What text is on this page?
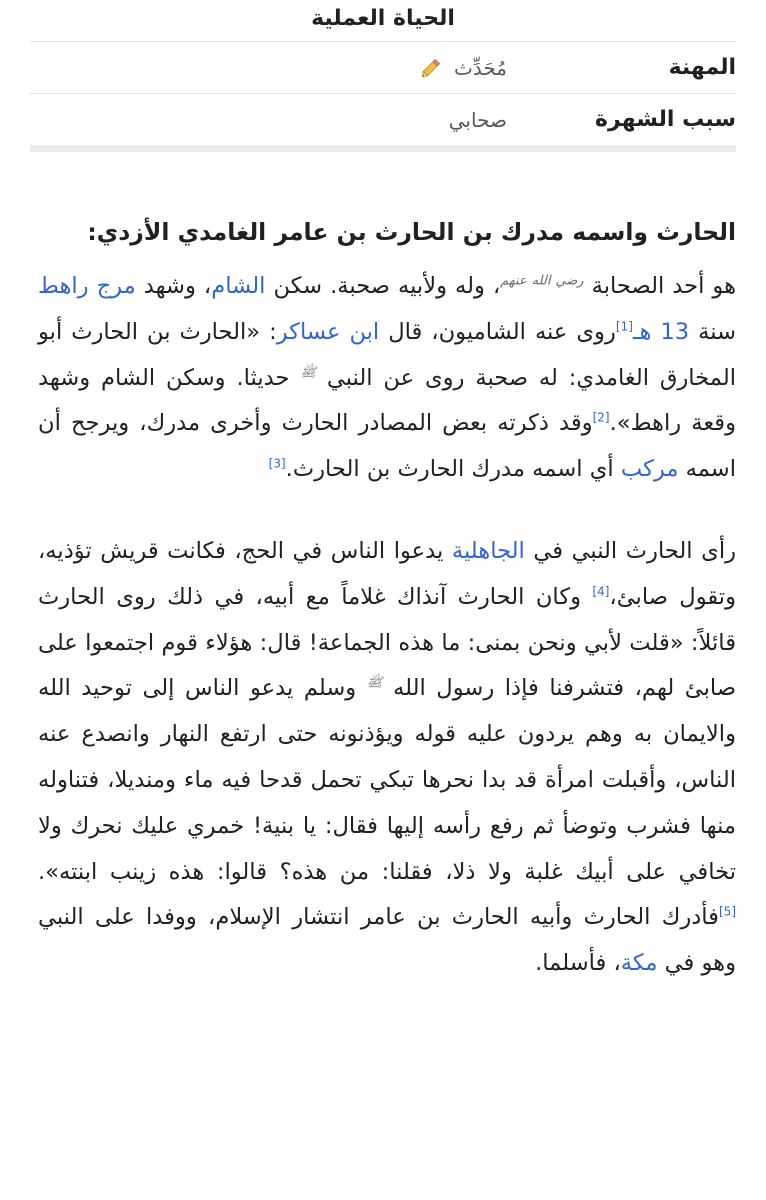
الحياة العملية
المهنة
مُحَدِّث
سبب الشهرة
صحابي
الحارث واسمه مدرك بن الحارث بن عامر الغامدي الأزدي:

هو أحد الصحابة $^{رضي الله عنهم}$، وله ولأبيه صحبة. سكن الشام، وشهد مرج راهط سنة 13 هـ[1]روى عنه الشاميون، قال ابن عساكر: «الحارث بن الحارث أبو المخارق الغامدي: له صحبة روى عن النبي $^ﷺ$ حديثا. وسكن الشام وشهد وقعة راهط».[2]وقد ذكرته بعض المصادر الحارث وأخرى مدرك، ويرجح أن اسمه مركب أي اسمه مدرك الحارث بن الحارث.[3]

رأى الحارث النبي في الجاهلية يدعوا الناس في الحج، فكانت قريش تؤذيه، وتقول صابئ،[4] وكان الحارث آنذاك غلاماً مع أبيه، في ذلك روى الحارث قائلاً: «قلت لأبي ونحن بمنى: ما هذه الجماعة! قال: هؤلاء قوم اجتمعوا على صابئ لهم، فتشرفنا فإذا رسول الله $^ﷺ$ وسلم يدعو الناس إلى توحيد الله والايمان به وهم يردون عليه قوله ويؤذنونه حتى ارتفع النهار وانصدع عنه الناس، وأقبلت امرأة قد بدا نحرها تبكي تحمل قدحا فيه ماء ومنديلا، فتناوله منها فشرب وتوضأ ثم رفع رأسه إليها فقال: يا بنية! خمري عليك نحرك ولا تخافي على أبيك غلبة ولا ذلا، فقلنا: من هذه؟ قالوا: هذه زينب ابنته».[5]فأدرك الحارث وأبيه الحارث بن عامر انتشار الإسلام، ووفدا على النبي وهو في مكة، فأسلما.
